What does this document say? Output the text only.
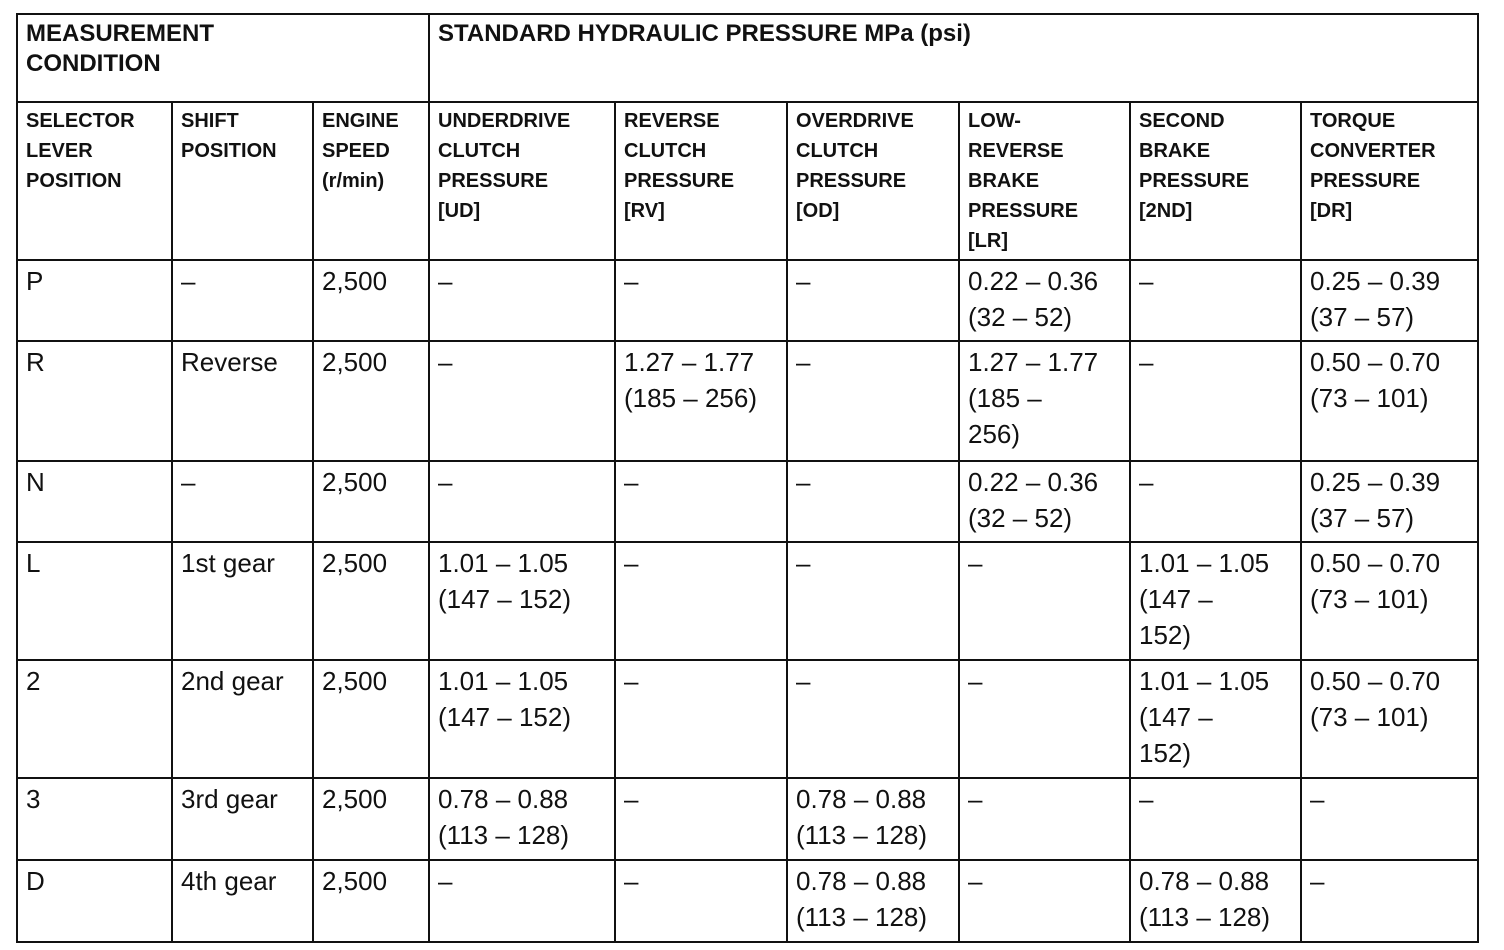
MEASUREMENT
CONDITION			STANDARD HYDRAULIC PRESSURE MPa (psi)					

SELECTOR
LEVER
POSITION	SHIFT
POSITION	ENGINE
SPEED
(r/min)	UNDERDRIVE
CLUTCH
PRESSURE
[UD]	REVERSE
CLUTCH
PRESSURE
[RV]	OVERDRIVE
CLUTCH
PRESSURE
[OD]	LOW-
REVERSE
BRAKE
PRESSURE
[LR]	SECOND
BRAKE
PRESSURE
[2ND]	TORQUE
CONVERTER
PRESSURE
[DR]

P	–	2,500	–	–	–	0.22 – 0.36
(32 – 52)	–	0.25 – 0.39
(37 – 57)

R	Reverse	2,500	–	1.27 – 1.77
(185 – 256)	–	1.27 – 1.77
(185 –
256)	–	0.50 – 0.70
(73 – 101)

N	–	2,500	–	–	–	0.22 – 0.36
(32 – 52)	–	0.25 – 0.39
(37 – 57)

L	1st gear	2,500	1.01 – 1.05
(147 – 152)	–	–	–	1.01 – 1.05
(147 –
152)	0.50 – 0.70
(73 – 101)

2	2nd gear	2,500	1.01 – 1.05
(147 – 152)	–	–	–	1.01 – 1.05
(147 –
152)	0.50 – 0.70
(73 – 101)

3	3rd gear	2,500	0.78 – 0.88
(113 – 128)	–	0.78 – 0.88
(113 – 128)	–	–	–

D	4th gear	2,500	–	–	0.78 – 0.88
(113 – 128)	–	0.78 – 0.88
(113 – 128)	–
